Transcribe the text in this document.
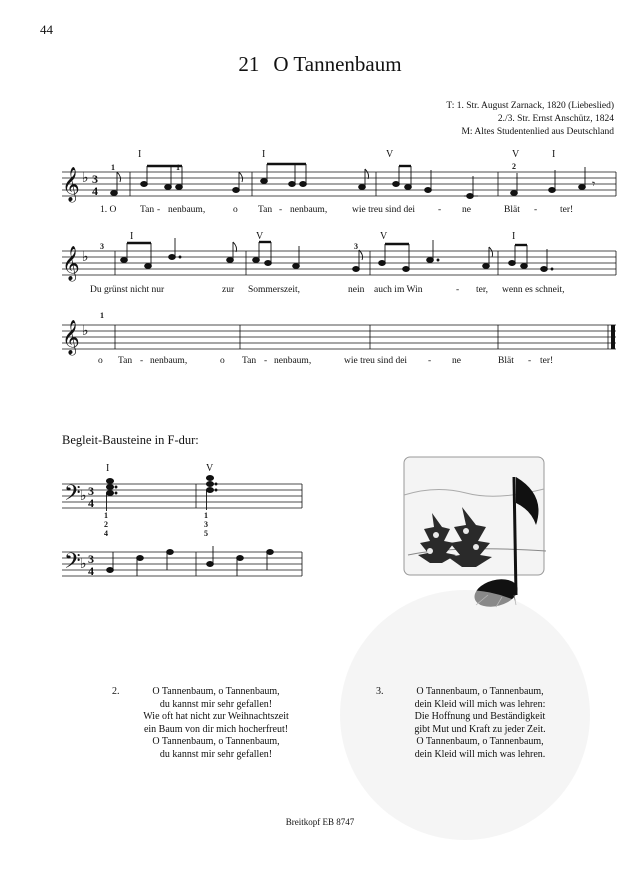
44
21 O Tannenbaum
T: 1. Str. August Zarnack, 1820 (Liebeslied)
2./3. Str. Ernst Anschütz, 1824
M: Altes Studentenlied aus Deutschland
I	I	V	V	I
1	1	2
𝄞
𝄞
𝄞
𝄢
𝄢
♭
♭
♭
♭
♭
3
4
3
4
3
4
𝄾
1. O Tan - nenbaum,	o Tan - nenbaum,	wie treu sind dei - ne	Blät - ter!
I	V	V	I
3	3
Du grünst nicht nur	zur Sommerszeit,	nein auch im Win	- ter, wenn es schneit,
1
o Tan - nenbaum,	o Tan - nenbaum,	wie treu sind dei - ne	Blät - ter!
Begleit-Bausteine in F-dur:
I	V
1
2
4
1
3
5
2.	O Tannenbaum, o Tannenbaum,
du kannst mir sehr gefallen!
Wie oft hat nicht zur Weihnachtszeit
ein Baum von dir mich hocherfreut!
O Tannenbaum, o Tannenbaum,
du kannst mir sehr gefallen!
3.	O Tannenbaum, o Tannenbaum,
dein Kleid will mich was lehren:
Die Hoffnung und Beständigkeit
gibt Mut und Kraft zu jeder Zeit.
O Tannenbaum, o Tannenbaum,
dein Kleid will mich was lehren.
Breitkopf EB 8747
